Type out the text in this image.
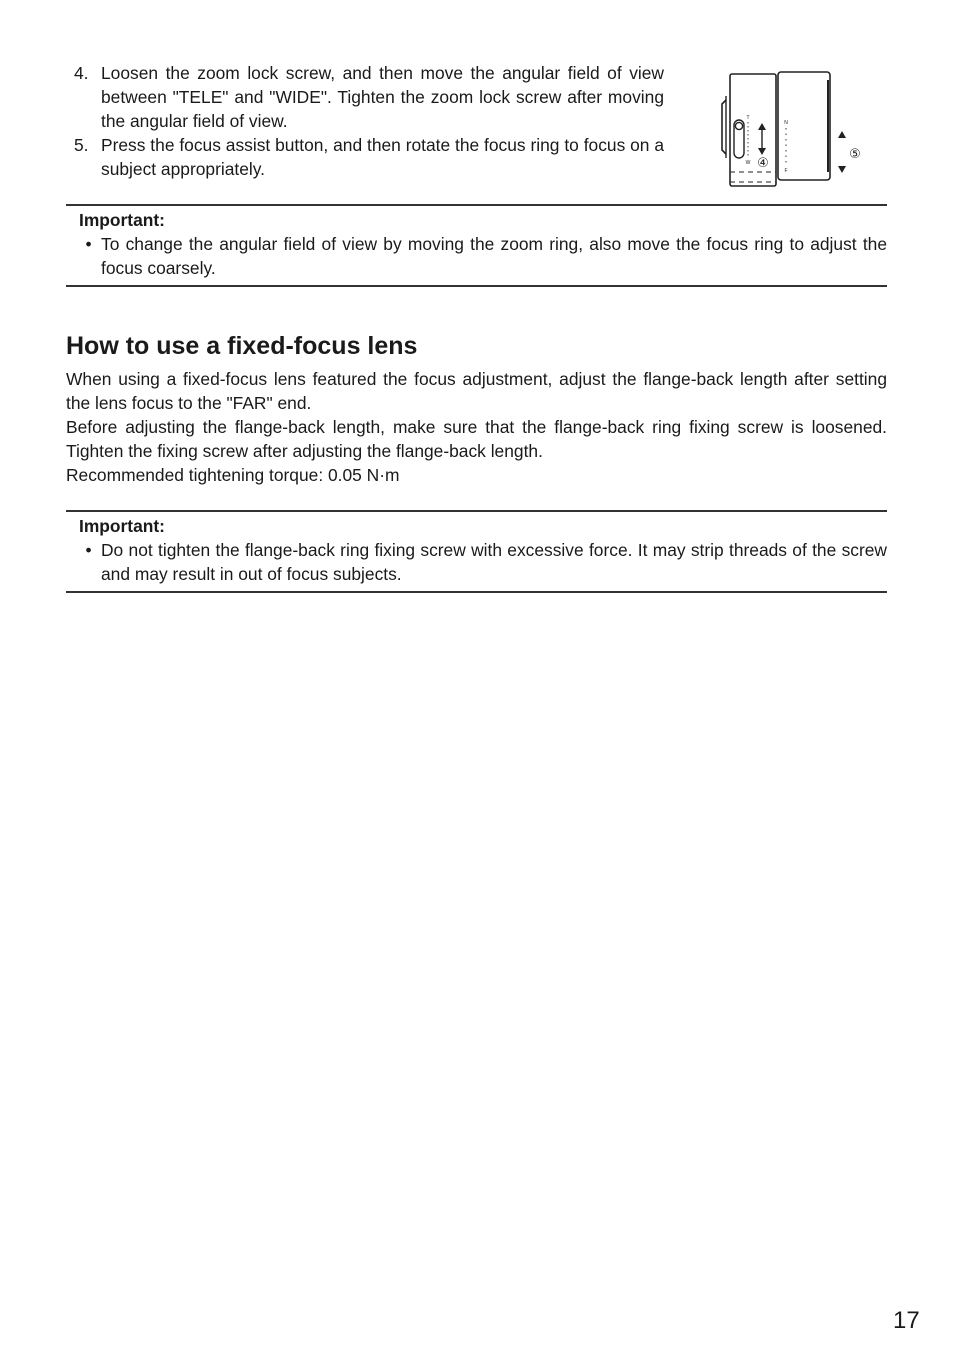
4. Loosen the zoom lock screw, and then move the angular field of view between "TELE" and "WIDE". Tighten the zoom lock screw after moving the angular field of view.
5. Press the focus assist button, and then rotate the focus ring to focus on a subject appropriately.
T
W
N
F
④
⑤
Important:
• To change the angular field of view by moving the zoom ring, also move the focus ring to adjust the focus coarsely.
How to use a fixed-focus lens

When using a fixed-focus lens featured the focus adjustment, adjust the flange-back length after setting the lens focus to the "FAR" end.

Before adjusting the flange-back length, make sure that the flange-back ring fixing screw is loosened. Tighten the fixing screw after adjusting the flange-back length.

Recommended tightening torque: 0.05 N·m

Important:
• Do not tighten the flange-back ring fixing screw with excessive force. It may strip threads of the screw and may result in out of focus subjects.
17
